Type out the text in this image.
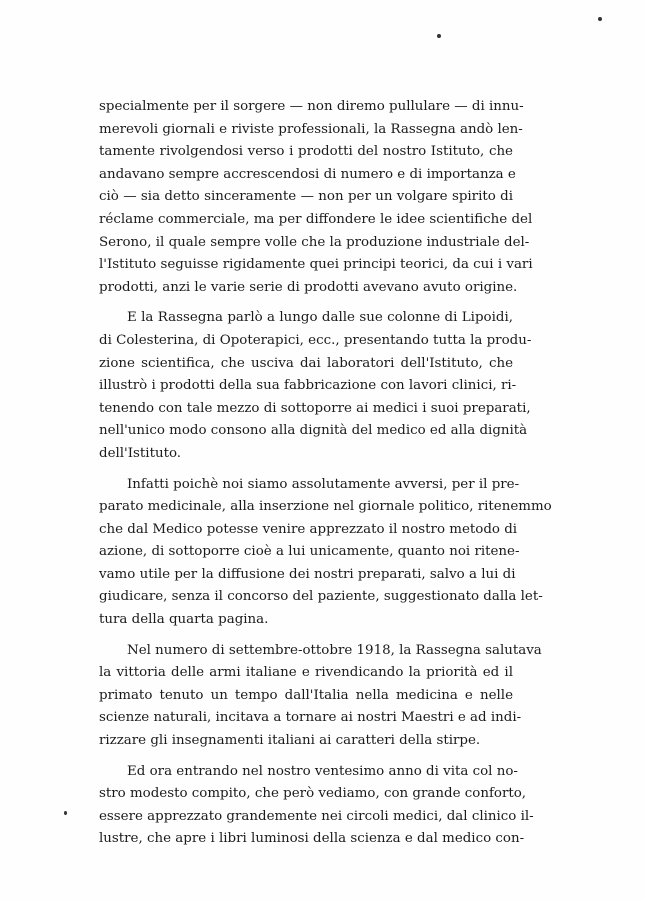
specialmente per il sorgere — non diremo pullulare — di innu-
merevoli giornali e riviste professionali, la Rassegna andò len-
tamente rivolgendosi verso i prodotti del nostro Istituto, che
andavano sempre accrescendosi di numero e di importanza e
ciò — sia detto sinceramente — non per un volgare spirito di
réclame commerciale, ma per diffondere le idee scientifiche del
Serono, il quale sempre volle che la produzione industriale del-
l'Istituto seguisse rigidamente quei principi teorici, da cui i vari
prodotti, anzi le varie serie di prodotti avevano avuto origine.
E la Rassegna parlò a lungo dalle sue colonne di Lipoidi,
di Colesterina, di Opoterapici, ecc., presentando tutta la produ-
zione scientifica, che usciva dai laboratori dell'Istituto, che
illustrò i prodotti della sua fabbricazione con lavori clinici, ri-
tenendo con tale mezzo di sottoporre ai medici i suoi preparati,
nell'unico modo consono alla dignità del medico ed alla dignità
dell'Istituto.
Infatti poichè noi siamo assolutamente avversi, per il pre-
parato medicinale, alla inserzione nel giornale politico, ritenemmo
che dal Medico potesse venire apprezzato il nostro metodo di
azione, di sottoporre cioè a lui unicamente, quanto noi ritene-
vamo utile per la diffusione dei nostri preparati, salvo a lui di
giudicare, senza il concorso del paziente, suggestionato dalla let-
tura della quarta pagina.
Nel numero di settembre-ottobre 1918, la Rassegna salutava
la vittoria delle armi italiane e rivendicando la priorità ed il
primato tenuto un tempo dall'Italia nella medicina e nelle
scienze naturali, incitava a tornare ai nostri Maestri e ad indi-
rizzare gli insegnamenti italiani ai caratteri della stirpe.
Ed ora entrando nel nostro ventesimo anno di vita col no-
stro modesto compito, che però vediamo, con grande conforto,
essere apprezzato grandemente nei circoli medici, dal clinico il-
lustre, che apre i libri luminosi della scienza e dal medico con-
